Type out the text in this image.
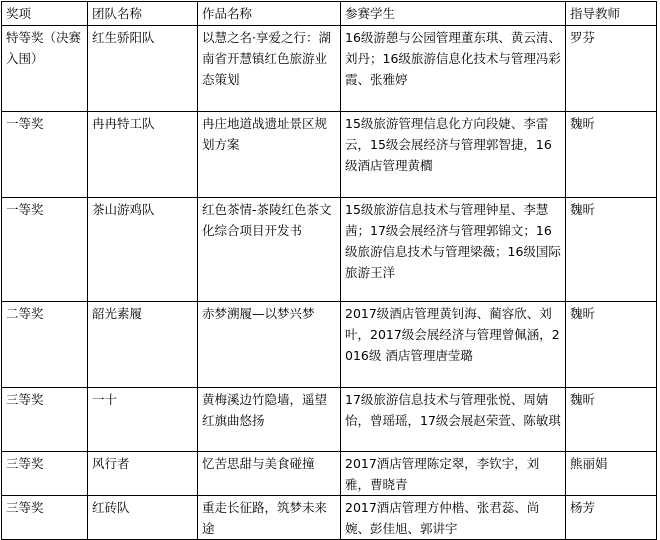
奖项	团队名称	作品名称	参赛学生	指导教师
特等奖（决赛入围）	红生骄阳队	以慧之名·享爱之行：湖南省开慧镇红色旅游业态策划	16级游憩与公园管理董东琪、黄云清、刘丹；16级旅游信息化技术与管理冯彩霞、张雅婷	罗芬
一等奖	冉冉特工队	冉庄地道战遗址景区规划方案	15级旅游管理信息化方向段婕、李雷云，15级会展经济与管理郭智捷，16级酒店管理黄櫚	魏昕
一等奖	茶山游鸡队	红色茶情-茶陵红色茶文化综合项目开发书	15级旅游信息技术与管理钟星、李慧茜；17级会展经济与管理郭锦文；16级旅游信息技术与管理梁薇；16级国际旅游王洋	魏昕
二等奖	韶光素履	赤梦溯履—以梦兴梦	2017级酒店管理黄钊海、蔺容欣、刘叶，2017级会展经济与管理曾佩涵，2016级 酒店管理唐莹璐	魏昕
三等奖	一十	黄梅溪边竹隐墙，遥望红旗曲悠扬	17级旅游信息技术与管理张悦、周婧怡，曾瑶瑶，17级会展赵荣萱、陈敏琪	魏昕
三等奖	风行者	忆苦思甜与美食碰撞	2017酒店管理陈定翠，李钦宇，刘雅，曹晓青	熊丽娟
三等奖	红砖队	重走长征路，筑梦未来途	2017酒店管理方仲楷、张君蕊、尚婉、彭佳旭、郭讲宇	杨芳
